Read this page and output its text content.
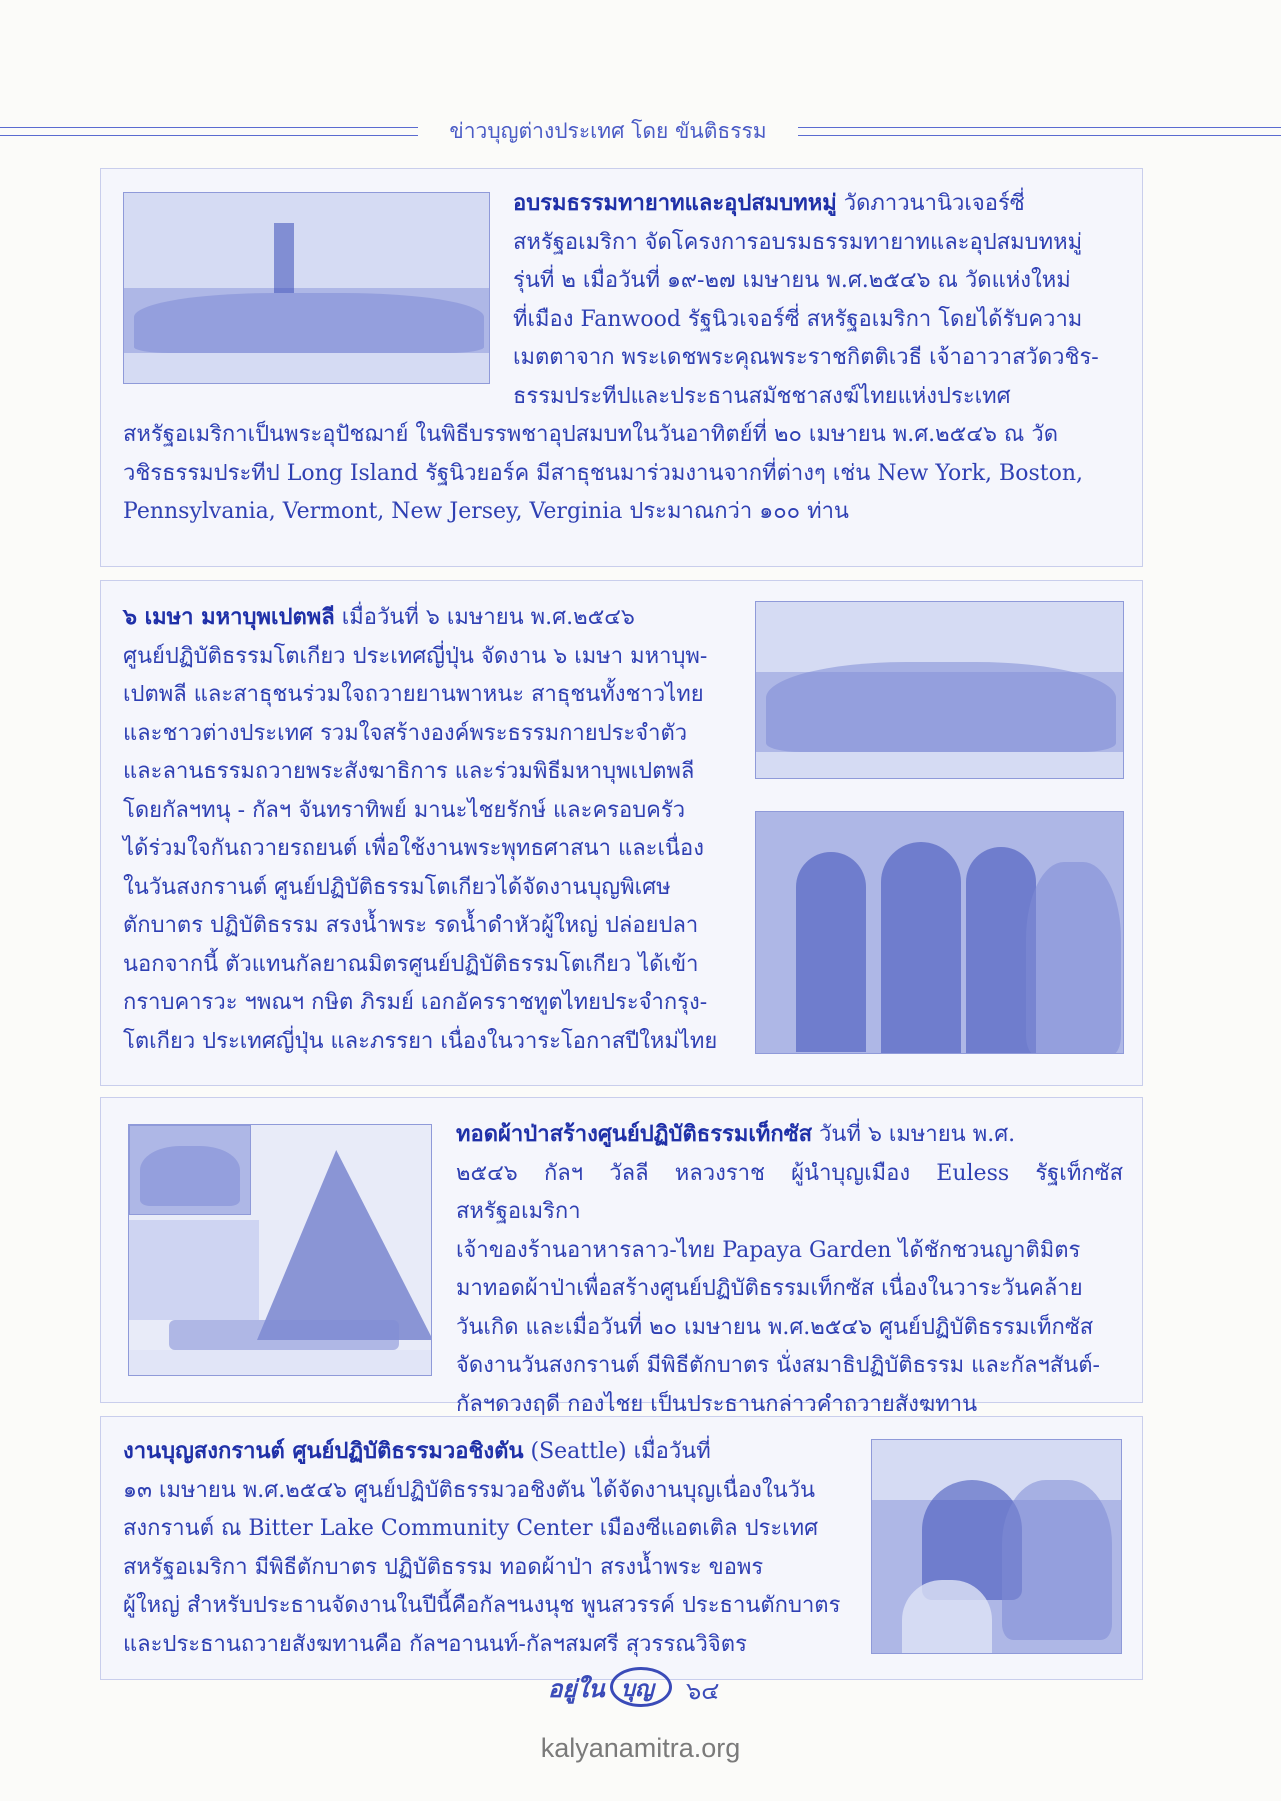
ข่าวบุญต่างประเทศ โดย ขันติธรรม

อบรมธรรมทายาทและอุปสมบทหมู่ วัดภาวนานิวเจอร์ซี่

สหรัฐอเมริกา จัดโครงการอบรมธรรมทายาทและอุปสมบทหมู่

รุ่นที่ ๒ เมื่อวันที่ ๑๙-๒๗ เมษายน พ.ศ.๒๕๔๖ ณ วัดแห่งใหม่

ที่เมือง Fanwood รัฐนิวเจอร์ซี่ สหรัฐอเมริกา โดยได้รับความ

เมตตาจาก พระเดชพระคุณพระราชกิตติเวธี เจ้าอาวาสวัดวชิร-

ธรรมประทีปและประธานสมัชชาสงฆ์ไทยแห่งประเทศ

สหรัฐอเมริกาเป็นพระอุปัชฌาย์ ในพิธีบรรพชาอุปสมบทในวันอาทิตย์ที่ ๒๐ เมษายน พ.ศ.๒๕๔๖ ณ วัด

วชิรธรรมประทีป Long Island รัฐนิวยอร์ค มีสาธุชนมาร่วมงานจากที่ต่างๆ เช่น New York, Boston,

Pennsylvania, Vermont, New Jersey, Verginia ประมาณกว่า ๑๐๐ ท่าน

๖ เมษา มหาบุพเปตพลี เมื่อวันที่ ๖ เมษายน พ.ศ.๒๕๔๖

ศูนย์ปฏิบัติธรรมโตเกียว ประเทศญี่ปุ่น จัดงาน ๖ เมษา มหาบุพ-

เปตพลี และสาธุชนร่วมใจถวายยานพาหนะ สาธุชนทั้งชาวไทย

และชาวต่างประเทศ รวมใจสร้างองค์พระธรรมกายประจำตัว

และลานธรรมถวายพระสังฆาธิการ และร่วมพิธีมหาบุพเปตพลี

โดยกัลฯทนุ - กัลฯ จันทราทิพย์ มานะไชยรักษ์ และครอบครัว

ได้ร่วมใจกันถวายรถยนต์ เพื่อใช้งานพระพุทธศาสนา และเนื่อง

ในวันสงกรานต์ ศูนย์ปฏิบัติธรรมโตเกียวได้จัดงานบุญพิเศษ

ตักบาตร ปฏิบัติธรรม สรงน้ำพระ รดน้ำดำหัวผู้ใหญ่ ปล่อยปลา

นอกจากนี้ ตัวแทนกัลยาณมิตรศูนย์ปฏิบัติธรรมโตเกียว ได้เข้า

กราบคารวะ ฯพณฯ กษิต ภิรมย์ เอกอัครราชทูตไทยประจำกรุง-

โตเกียว ประเทศญี่ปุ่น และภรรยา เนื่องในวาระโอกาสปีใหม่ไทย

ทอดผ้าป่าสร้างศูนย์ปฏิบัติธรรมเท็กซัส วันที่ ๖ เมษายน พ.ศ.

๒๕๔๖ กัลฯ วัลลี หลวงราช ผู้นำบุญเมือง Euless รัฐเท็กซัส สหรัฐอเมริกา

เจ้าของร้านอาหารลาว-ไทย Papaya Garden ได้ชักชวนญาติมิตร

มาทอดผ้าป่าเพื่อสร้างศูนย์ปฏิบัติธรรมเท็กซัส เนื่องในวาระวันคล้าย

วันเกิด และเมื่อวันที่ ๒๐ เมษายน พ.ศ.๒๕๔๖ ศูนย์ปฏิบัติธรรมเท็กซัส

จัดงานวันสงกรานต์ มีพิธีตักบาตร นั่งสมาธิปฏิบัติธรรม และกัลฯสันต์-

กัลฯดวงฤดี กองไชย เป็นประธานกล่าวคำถวายสังฆทาน

งานบุญสงกรานต์ ศูนย์ปฏิบัติธรรมวอชิงตัน (Seattle) เมื่อวันที่

๑๓ เมษายน พ.ศ.๒๕๔๖ ศูนย์ปฏิบัติธรรมวอชิงตัน ได้จัดงานบุญเนื่องในวัน

สงกรานต์ ณ Bitter Lake Community Center เมืองซีแอตเติล ประเทศ

สหรัฐอเมริกา มีพิธีตักบาตร ปฏิบัติธรรม ทอดผ้าป่า สรงน้ำพระ ขอพร

ผู้ใหญ่ สำหรับประธานจัดงานในปีนี้คือกัลฯนงนุช พูนสวรรค์ ประธานตักบาตร

และประธานถวายสังฆทานคือ กัลฯอานนท์-กัลฯสมศรี สุวรรณวิจิตร

อยู่ใน บุญ ๖๔
kalyanamitra.org
